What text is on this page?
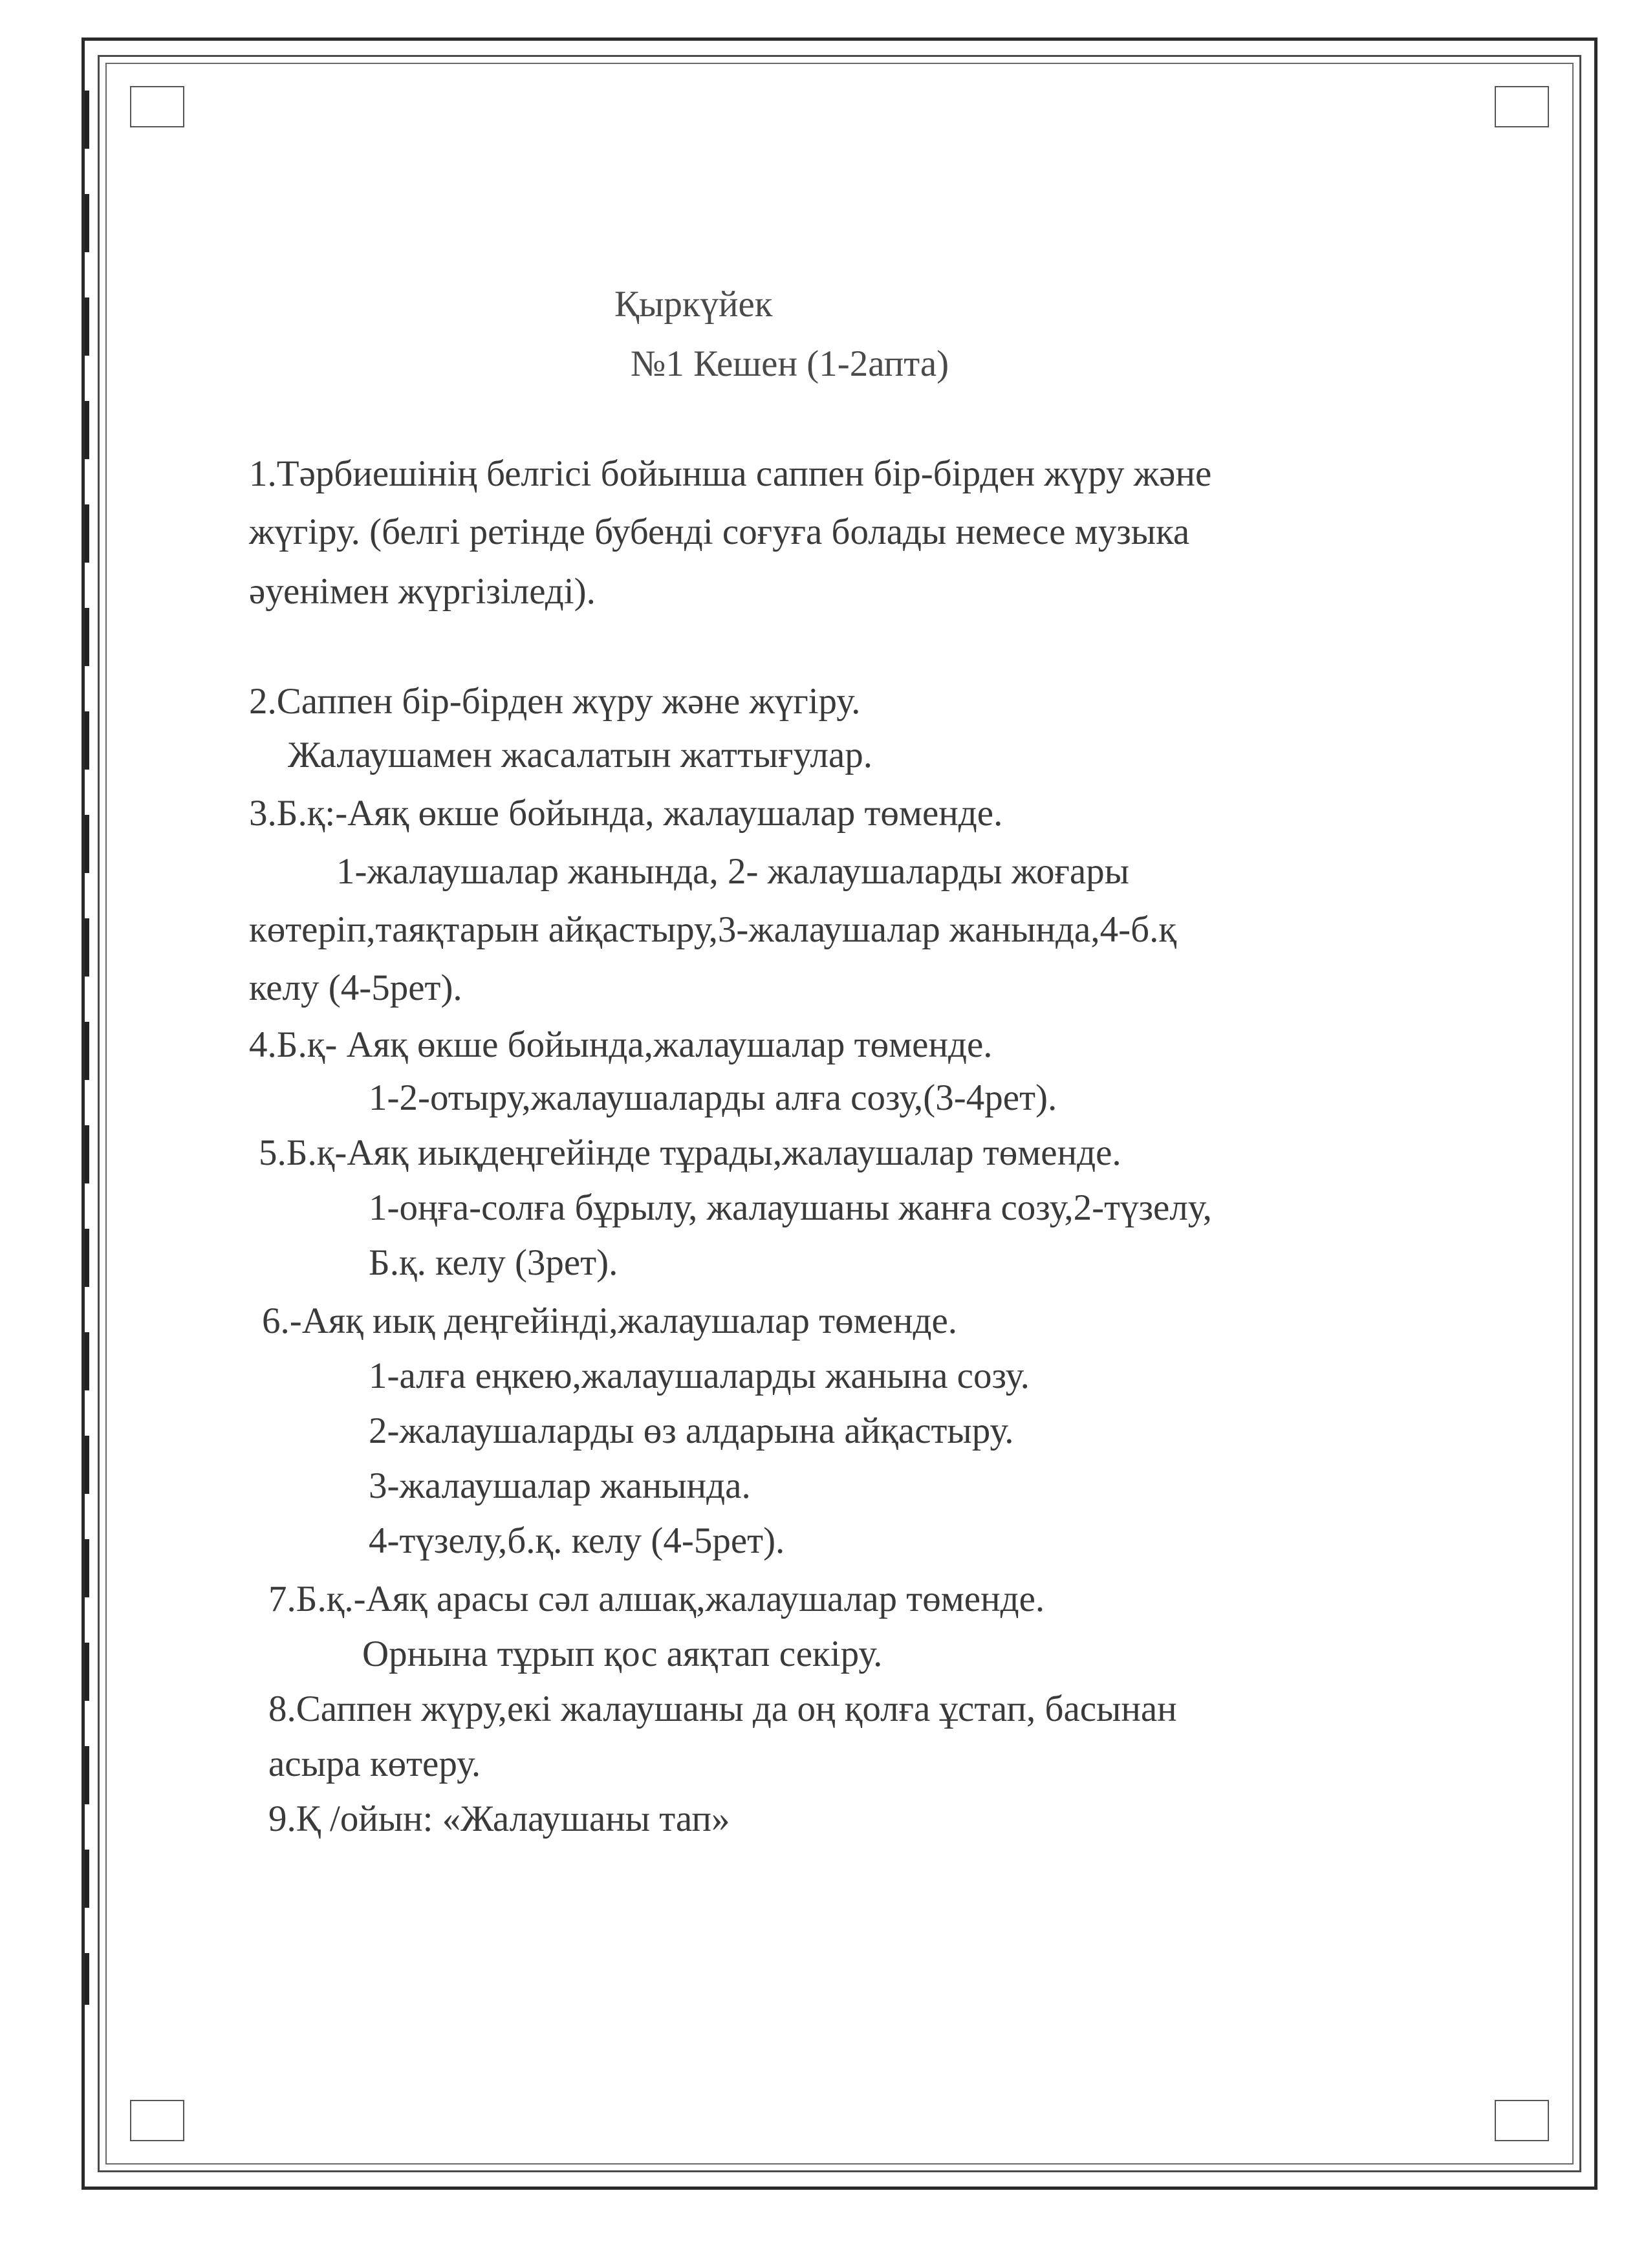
Қыркүйек
№1 Кешен (1-2апта)
1.Тәрбиешінің белгісі бойынша саппен бір-бірден жүру және
жүгіру. (белгі ретінде бубенді соғуға болады немесе музыка
әуенімен жүргізіледі).
2.Саппен бір-бірден жүру және жүгіру.
Жалаушамен жасалатын жаттығулар.
3.Б.қ:-Аяқ өкше бойында, жалаушалар төменде.
1-жалаушалар жанында, 2- жалаушаларды жоғары
көтеріп,таяқтарын айқастыру,3-жалаушалар жанында,4-б.қ
келу (4-5рет).
4.Б.қ- Аяқ өкше бойында,жалаушалар төменде.
1-2-отыру,жалаушаларды алға созу,(3-4рет).
5.Б.қ-Аяқ иықдеңгейінде тұрады,жалаушалар төменде.
1-оңға-солға бұрылу, жалаушаны жанға созу,2-түзелу,
Б.қ. келу (3рет).
6.-Аяқ иық деңгейінді,жалаушалар төменде.
1-алға еңкею,жалаушаларды жанына созу.
2-жалаушаларды өз алдарына айқастыру.
3-жалаушалар жанында.
4-түзелу,б.қ. келу (4-5рет).
7.Б.қ.-Аяқ арасы сәл алшақ,жалаушалар төменде.
Орнына тұрып қос аяқтап секіру.
8.Саппен жүру,екі жалаушаны да оң қолға ұстап, басынан
асыра көтеру.
9.Қ /ойын: «Жалаушаны тап»
